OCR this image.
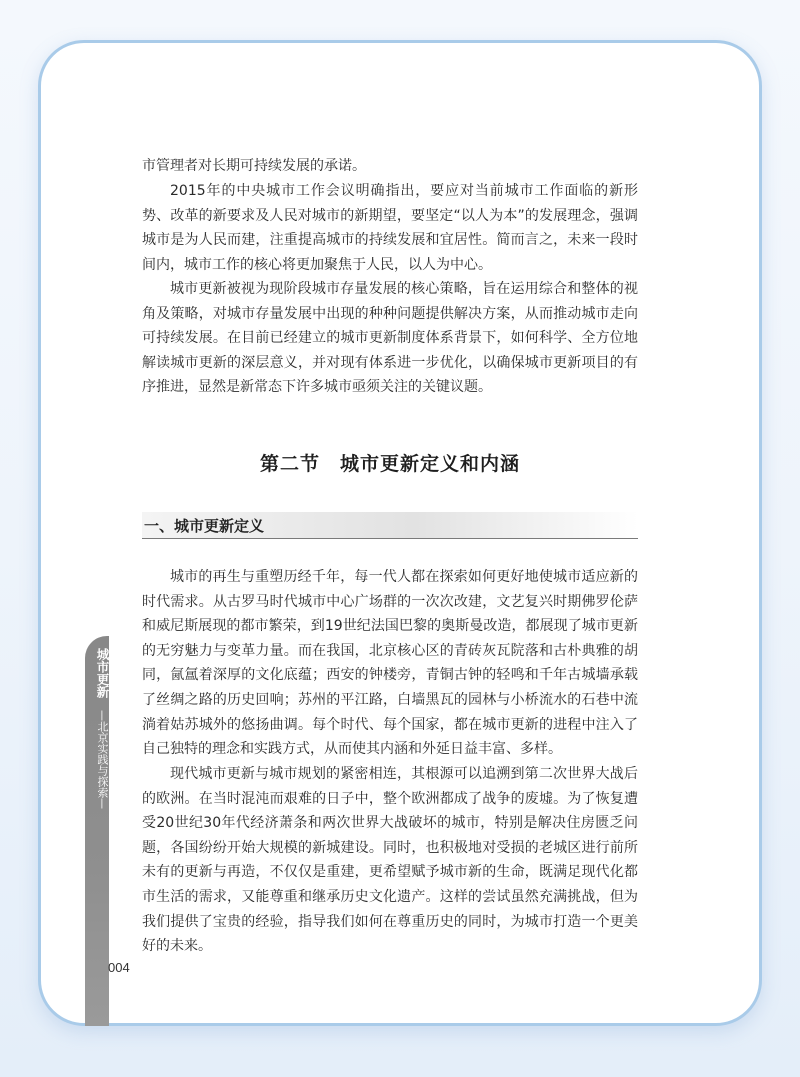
市管理者对长期可持续发展的承诺。

2015年的中央城市工作会议明确指出，要应对当前城市工作面临的新形势、改革的新要求及人民对城市的新期望，要坚定“以人为本”的发展理念，强调城市是为人民而建，注重提高城市的持续发展和宜居性。简而言之，未来一段时间内，城市工作的核心将更加聚焦于人民，以人为中心。

城市更新被视为现阶段城市存量发展的核心策略，旨在运用综合和整体的视角及策略，对城市存量发展中出现的种种问题提供解决方案，从而推动城市走向可持续发展。在目前已经建立的城市更新制度体系背景下，如何科学、全方位地解读城市更新的深层意义，并对现有体系进一步优化，以确保城市更新项目的有序推进，显然是新常态下许多城市亟须关注的关键议题。

第二节　城市更新定义和内涵
一、城市更新定义

城市的再生与重塑历经千年，每一代人都在探索如何更好地使城市适应新的时代需求。从古罗马时代城市中心广场群的一次次改建，文艺复兴时期佛罗伦萨和威尼斯展现的都市繁荣，到19世纪法国巴黎的奥斯曼改造，都展现了城市更新的无穷魅力与变革力量。而在我国，北京核心区的青砖灰瓦院落和古朴典雅的胡同，氤氲着深厚的文化底蕴；西安的钟楼旁，青铜古钟的轻鸣和千年古城墙承载了丝绸之路的历史回响；苏州的平江路，白墙黑瓦的园林与小桥流水的石巷中流淌着姑苏城外的悠扬曲调。每个时代、每个国家，都在城市更新的进程中注入了自己独特的理念和实践方式，从而使其内涵和外延日益丰富、多样。

现代城市更新与城市规划的紧密相连，其根源可以追溯到第二次世界大战后的欧洲。在当时混沌而艰难的日子中，整个欧洲都成了战争的废墟。为了恢复遭受20世纪30年代经济萧条和两次世界大战破坏的城市，特别是解决住房匮乏问题，各国纷纷开始大规模的新城建设。同时，也积极地对受损的老城区进行前所未有的更新与再造，不仅仅是重建，更希望赋予城市新的生命，既满足现代化都市生活的需求，又能尊重和继承历史文化遗产。这样的尝试虽然充满挑战，但为我们提供了宝贵的经验，指导我们如何在尊重历史的同时，为城市打造一个更美好的未来。

城市更新 —北京实践与探索—
004
